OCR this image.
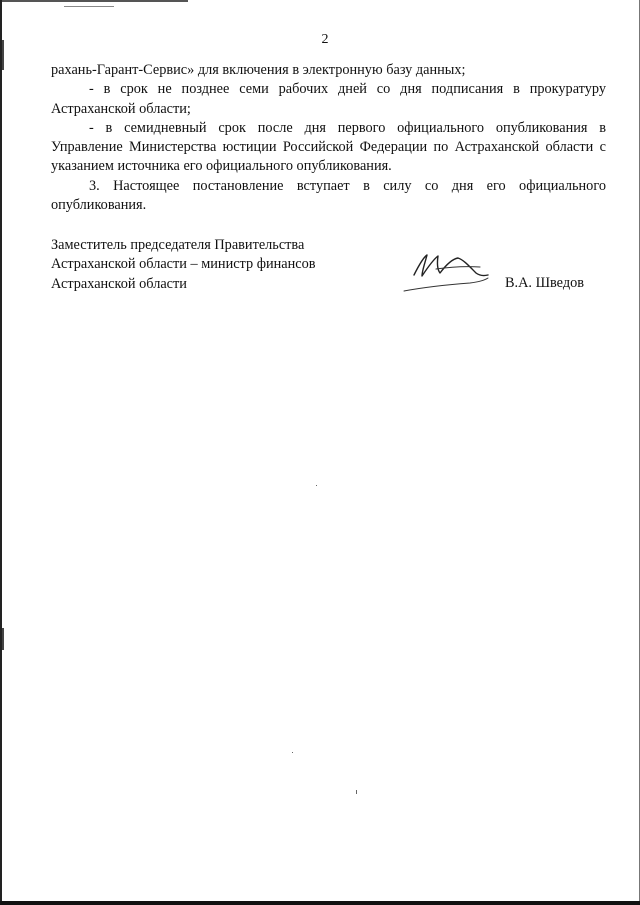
2

рахань-Гарант-Сервис» для включения в электронную базу данных;

- в срок не позднее семи рабочих дней со дня подписания в прокуратуру Астраханской области;

- в семидневный срок после дня первого официального опубликования в Управление Министерства юстиции Российской Федерации по Астраханской области с указанием источника его официального опубликования.

3. Настоящее постановление вступает в силу со дня его официального опубликования.

Заместитель председателя Правительства
Астраханской области – министр финансов
Астраханской области	В.А. Шведов
